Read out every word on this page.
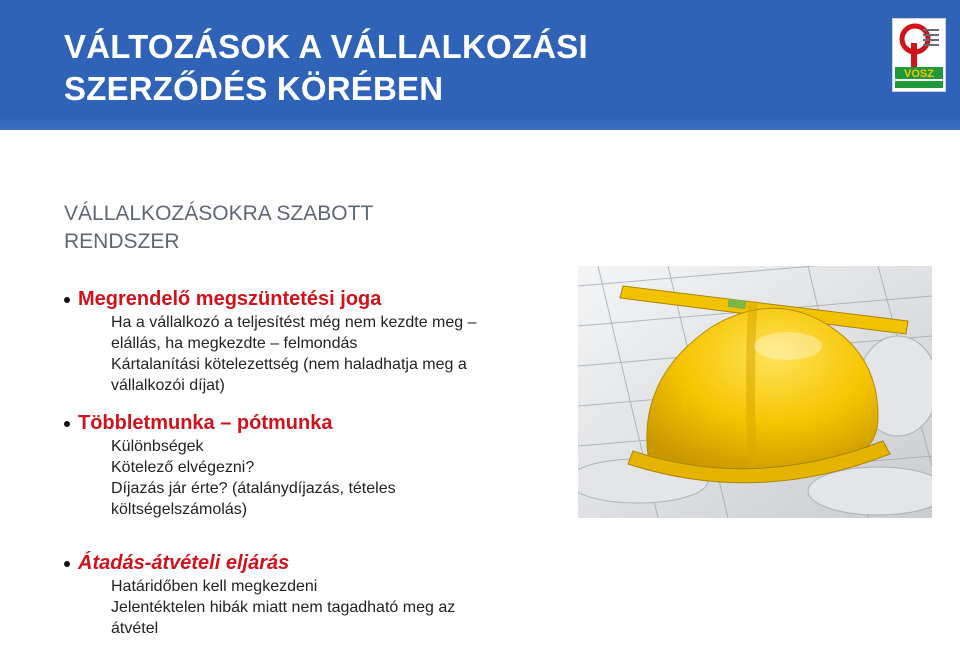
VÁLTOZÁSOK A VÁLLALKOZÁSI
SZERZŐDÉS KÖRÉBEN	VOSZ
VÁLLALKOZÁSOKRA SZABOTT
RENDSZER

Megrendelő megszüntetési joga

Ha a vállalkozó a teljesítést még nem kezdte meg –

elállás, ha megkezdte – felmondás

Kártalanítási kötelezettség (nem haladhatja meg a

vállalkozói díjat)

Többletmunka – pótmunka

Különbségek

Kötelező elvégezni?

Díjazás jár érte? (átalánydíjazás, tételes

költségelszámolás)

Átadás-átvételi eljárás

Határidőben kell megkezdeni

Jelentéktelen hibák miatt nem tagadható meg az

átvétel
